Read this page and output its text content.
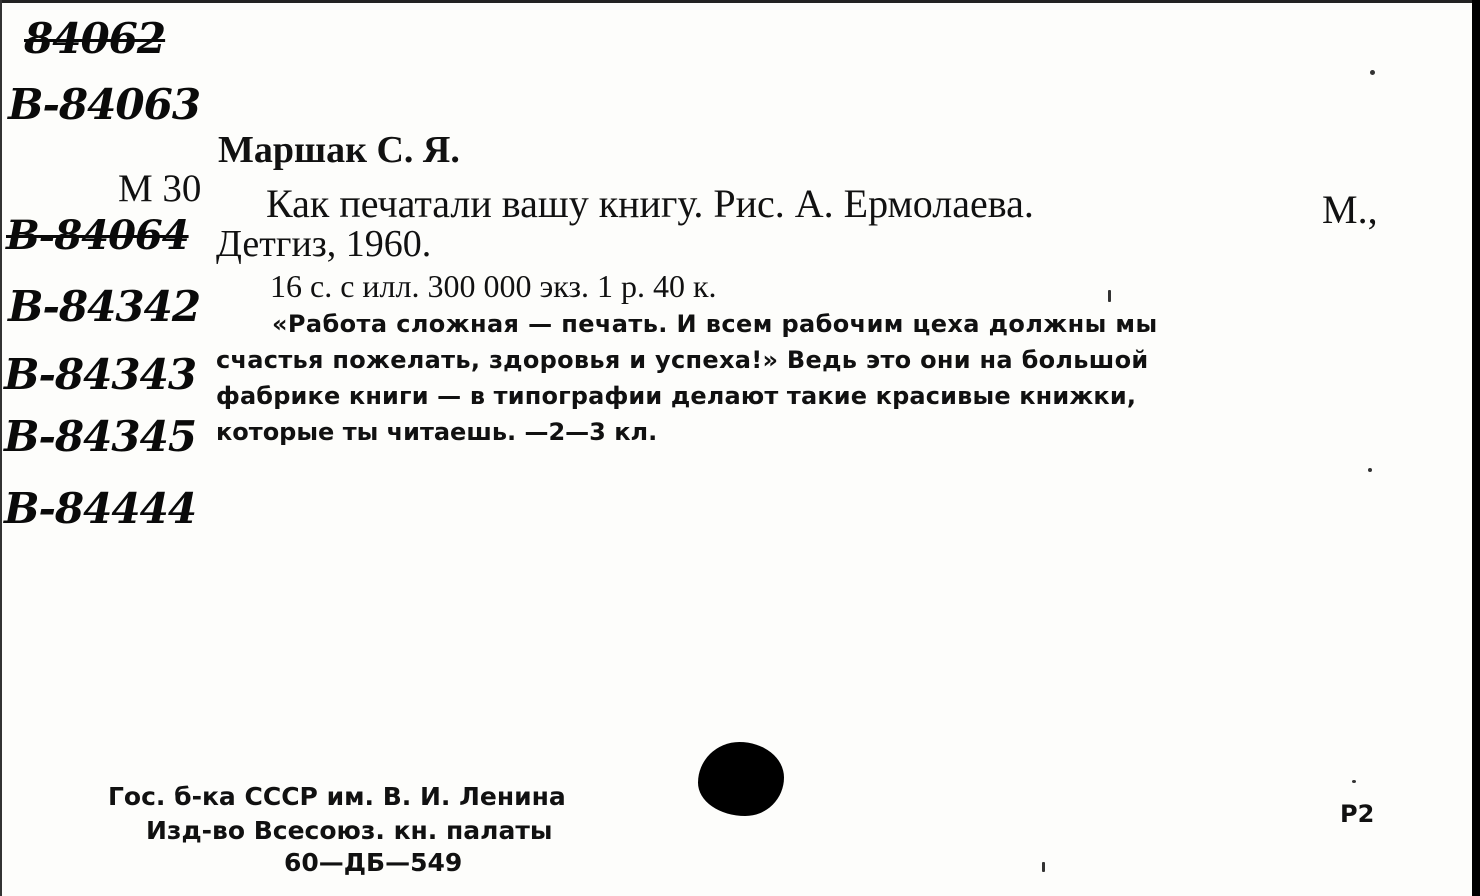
84062
В-84063
В-84064
В-84342
В-84343
В-84345
В-84444
Маршак С. Я.
М 30 Как печатали вашу книгу. Рис. А. Ермолаева.	М.,
Детгиз, 1960.
16 с. с илл. 300 000 экз. 1 р. 40 к.
«Работа сложная — печать. И всем рабочим цеха должны мы
счастья пожелать, здоровья и успеха!» Ведь это они на большой
фабрике книги — в типографии делают такие красивые книжки,
которые ты читаешь. —2—3 кл.
Гос. б-ка СССР им. В. И. Ленина
Изд-во Всесоюз. кн. палаты
60—ДБ—549
Р2
